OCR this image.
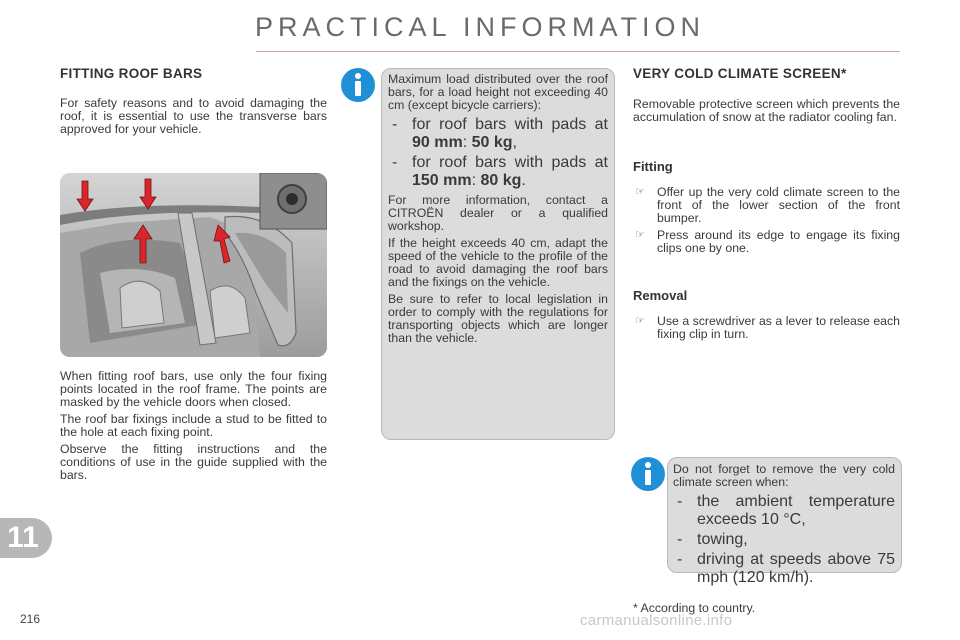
PRACTICAL INFORMATION
FITTING ROOF BARS

For safety reasons and to avoid damaging the roof, it is essential to use the transverse bars approved for your vehicle.

When fitting roof bars, use only the four fixing points located in the roof frame. The points are masked by the vehicle doors when closed.

The roof bar fixings include a stud to be fitted to the hole at each fixing point.

Observe the fitting instructions and the conditions of use in the guide supplied with the bars.

Maximum load distributed over the roof bars, for a load height not exceeding 40 cm (except bicycle carriers):

- for roof bars with pads at 90 mm: 50 kg,
- for roof bars with pads at 150 mm: 80 kg.

For more information, contact a CITROËN dealer or a qualified workshop.

If the height exceeds 40 cm, adapt the speed of the vehicle to the profile of the road to avoid damaging the roof bars and the fixings on the vehicle.

Be sure to refer to local legislation in order to comply with the regulations for transporting objects which are longer than the vehicle.

VERY COLD CLIMATE SCREEN*

Removable protective screen which prevents the accumulation of snow at the radiator cooling fan.

Fitting
☞ Offer up the very cold climate screen to the front of the lower section of the front bumper.
☞ Press around its edge to engage its fixing clips one by one.
Removal
☞ Use a screwdriver as a lever to release each fixing clip in turn.

Do not forget to remove the very cold climate screen when:

- the ambient temperature exceeds 10 °C,
- towing,
- driving at speeds above 75 mph (120 km/h).
* According to country.
11
216	carmanualsonline.info
